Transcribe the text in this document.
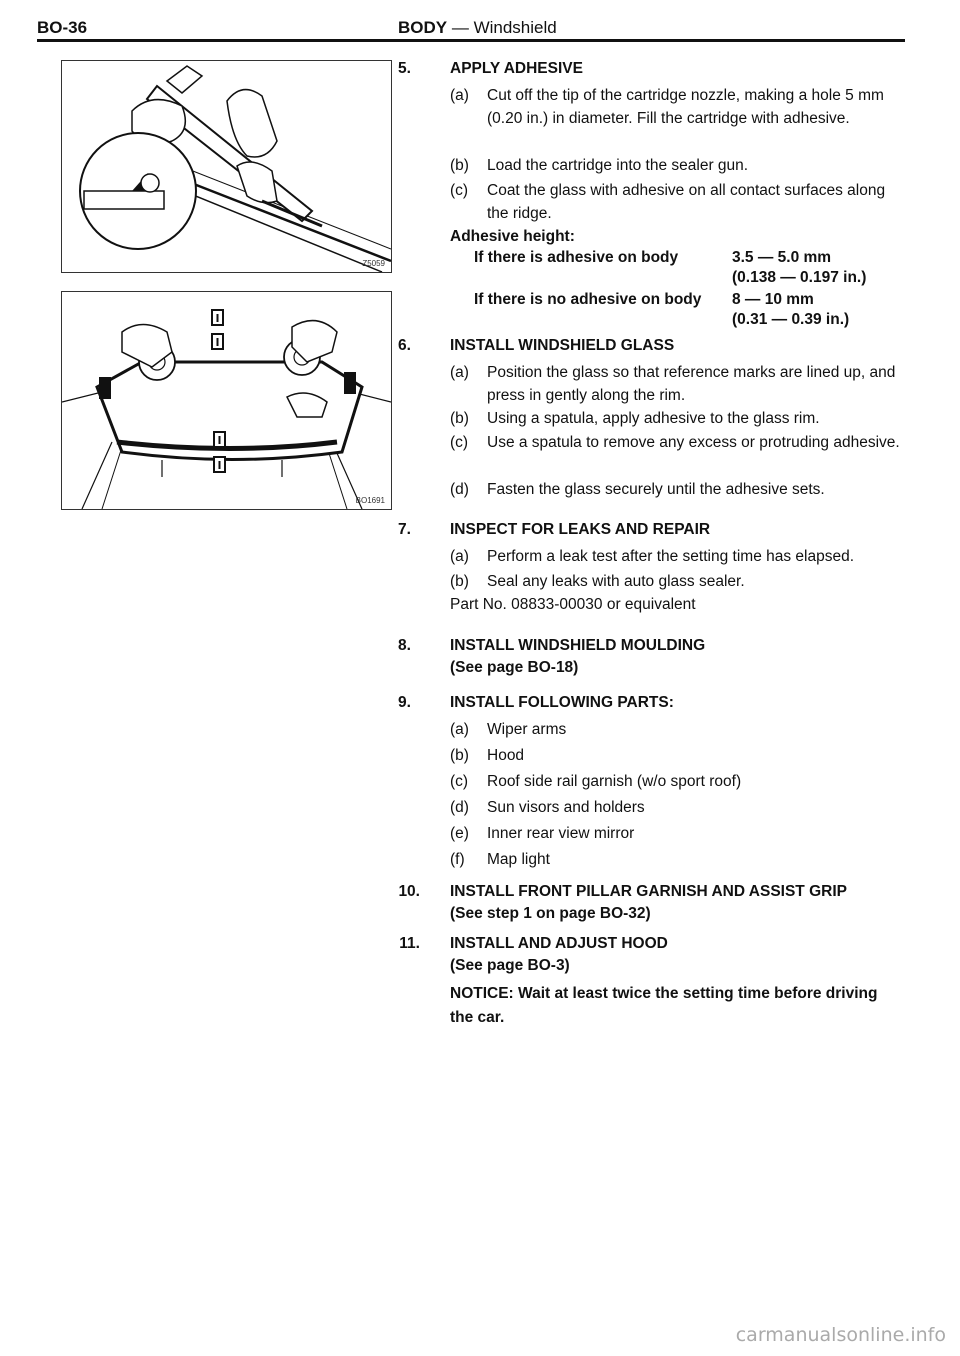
BO-36	BODY — Windshield
Z5059
BO1691
5.	APPLY ADHESIVE
(a) Cut off the tip of the cartridge nozzle, making a hole 5 mm (0.20 in.) in diameter. Fill the cartridge with adhesive.
(b) Load the cartridge into the sealer gun.
(c) Coat the glass with adhesive on all contact surfaces along the ridge.
Adhesive height:
If there is adhesive on body	3.5 — 5.0 mm
(0.138 — 0.197 in.)
If there is no adhesive on body 8 — 10 mm
(0.31 — 0.39 in.)
6.	INSTALL WINDSHIELD GLASS
(a) Position the glass so that reference marks are lined up, and press in gently along the rim.
(b) Using a spatula, apply adhesive to the glass rim.
(c) Use a spatula to remove any excess or protruding adhesive.
(d) Fasten the glass securely until the adhesive sets.
7.	INSPECT FOR LEAKS AND REPAIR
(a) Perform a leak test after the setting time has elapsed.
(b) Seal any leaks with auto glass sealer.
Part No. 08833-00030 or equivalent
8.	INSTALL WINDSHIELD MOULDING
(See page BO-18)
9.	INSTALL FOLLOWING PARTS:
(a) Wiper arms
(b) Hood
(c) Roof side rail garnish (w/o sport roof)
(d) Sun visors and holders
(e) Inner rear view mirror
(f) Map light
10. INSTALL FRONT PILLAR GARNISH AND ASSIST GRIP
(See step 1 on page BO-32)
11. INSTALL AND ADJUST HOOD
(See page BO-3)
NOTICE: Wait at least twice the setting time before driving the car.
carmanualsonline.info
